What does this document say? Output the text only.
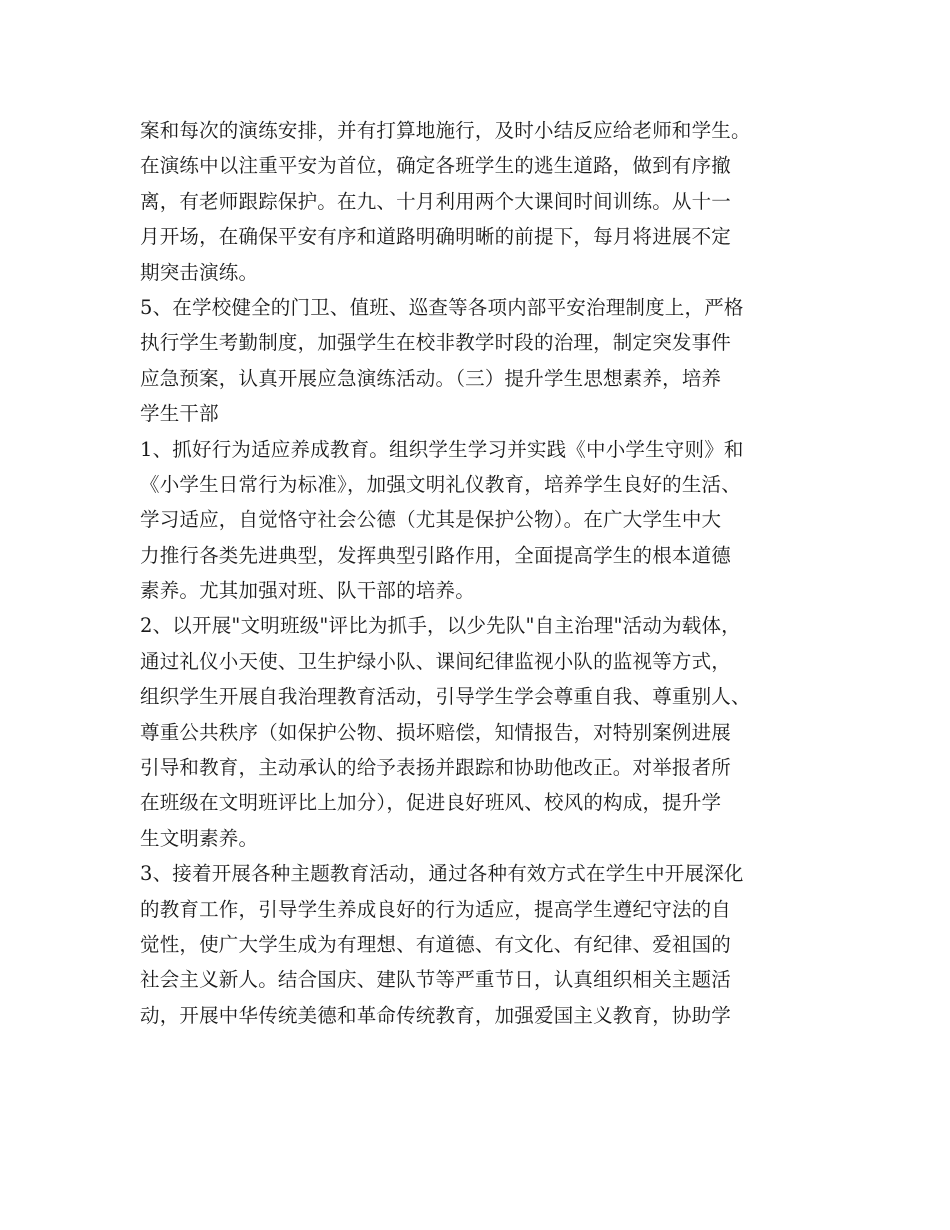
案和每次的演练安排，并有打算地施行，及时小结反应给老师和学生。
在演练中以注重平安为首位，确定各班学生的逃生道路，做到有序撤
离，有老师跟踪保护。在九、十月利用两个大课间时间训练。从十一
月开场，在确保平安有序和道路明确明晰的前提下，每月将进展不定
期突击演练。
5、在学校健全的门卫、值班、巡查等各项内部平安治理制度上，严格
执行学生考勤制度，加强学生在校非教学时段的治理，制定突发事件
应急预案，认真开展应急演练活动。（三）提升学生思想素养，培养
学生干部
1、抓好行为适应养成教育。组织学生学习并实践《中小学生守则》和
《小学生日常行为标准》，加强文明礼仪教育，培养学生良好的生活、
学习适应，自觉恪守社会公德（尤其是保护公物）。在广大学生中大
力推行各类先进典型，发挥典型引路作用，全面提高学生的根本道德
素养。尤其加强对班、队干部的培养。
2、以开展"文明班级"评比为抓手，以少先队"自主治理"活动为载体，
通过礼仪小天使、卫生护绿小队、课间纪律监视小队的监视等方式，
组织学生开展自我治理教育活动，引导学生学会尊重自我、尊重别人、
尊重公共秩序（如保护公物、损坏赔偿，知情报告，对特别案例进展
引导和教育，主动承认的给予表扬并跟踪和协助他改正。对举报者所
在班级在文明班评比上加分），促进良好班风、校风的构成，提升学
生文明素养。
3、接着开展各种主题教育活动，通过各种有效方式在学生中开展深化
的教育工作，引导学生养成良好的行为适应，提高学生遵纪守法的自
觉性，使广大学生成为有理想、有道德、有文化、有纪律、爱祖国的
社会主义新人。结合国庆、建队节等严重节日，认真组织相关主题活
动，开展中华传统美德和革命传统教育，加强爱国主义教育，协助学
